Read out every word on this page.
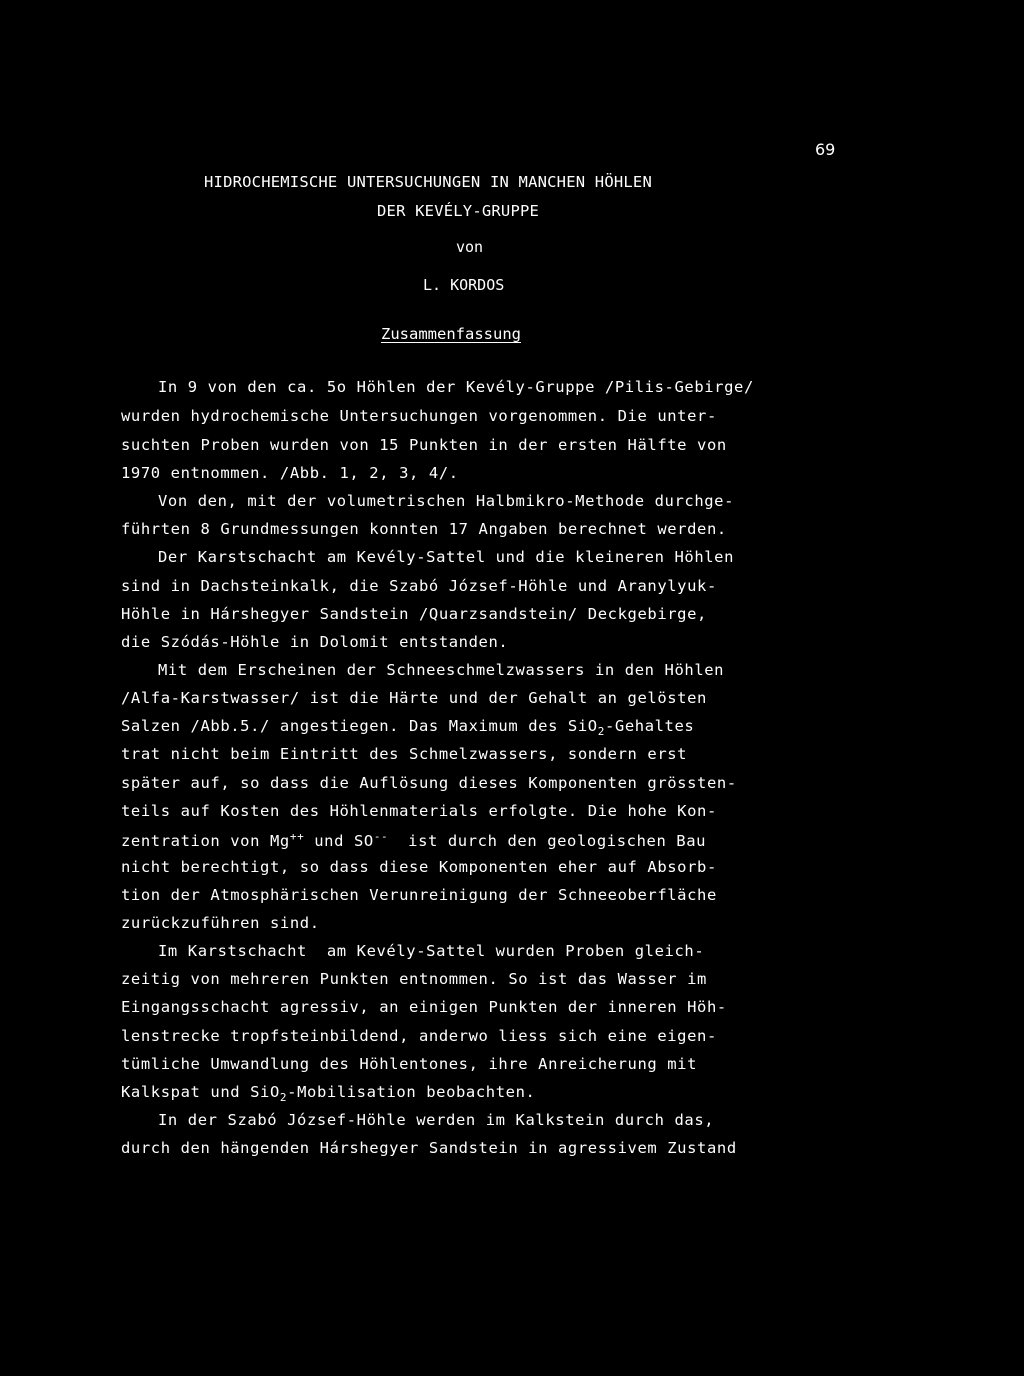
69
HIDROCHEMISCHE UNTERSUCHUNGEN IN MANCHEN HÖHLEN
DER KEVÉLY-GRUPPE
von
L. KORDOS
Zusammenfassung
In 9 von den ca. 5o Höhlen der Kevély-Gruppe /Pilis-Gebirge/
wurden hydrochemische Untersuchungen vorgenommen. Die unter-
suchten Proben wurden von 15 Punkten in der ersten Hälfte von
1970 entnommen. /Abb. 1, 2, 3, 4/.
Von den, mit der volumetrischen Halbmikro-Methode durchge-
führten 8 Grundmessungen konnten 17 Angaben berechnet werden.
Der Karstschacht am Kevély-Sattel und die kleineren Höhlen
sind in Dachsteinkalk, die Szabó József-Höhle und Aranylyuk-
Höhle in Hárshegyer Sandstein /Quarzsandstein/ Deckgebirge,
die Szódás-Höhle in Dolomit entstanden.
Mit dem Erscheinen der Schneeschmelzwassers in den Höhlen
/Alfa-Karstwasser/ ist die Härte und der Gehalt an gelösten
Salzen /Abb.5./ angestiegen. Das Maximum des SiO$_2$-Gehaltes
trat nicht beim Eintritt des Schmelzwassers, sondern erst
später auf, so dass die Auflösung dieses Komponenten grössten-
teils auf Kosten des Höhlenmaterials erfolgte. Die hohe Kon-
zentration von Mg++ und SO--  ist durch den geologischen Bau
nicht berechtigt, so dass diese Komponenten eher auf Absorb-
tion der Atmosphärischen Verunreinigung der Schneeoberfläche
zurückzuführen sind.
Im Karstschacht  am Kevély-Sattel wurden Proben gleich-
zeitig von mehreren Punkten entnommen. So ist das Wasser im
Eingangsschacht agressiv, an einigen Punkten der inneren Höh-
lenstrecke tropfsteinbildend, anderwo liess sich eine eigen-
tümliche Umwandlung des Höhlentones, ihre Anreicherung mit
Kalkspat und SiO$_2$-Mobilisation beobachten.
In der Szabó József-Höhle werden im Kalkstein durch das,
durch den hängenden Hárshegyer Sandstein in agressivem Zustand
